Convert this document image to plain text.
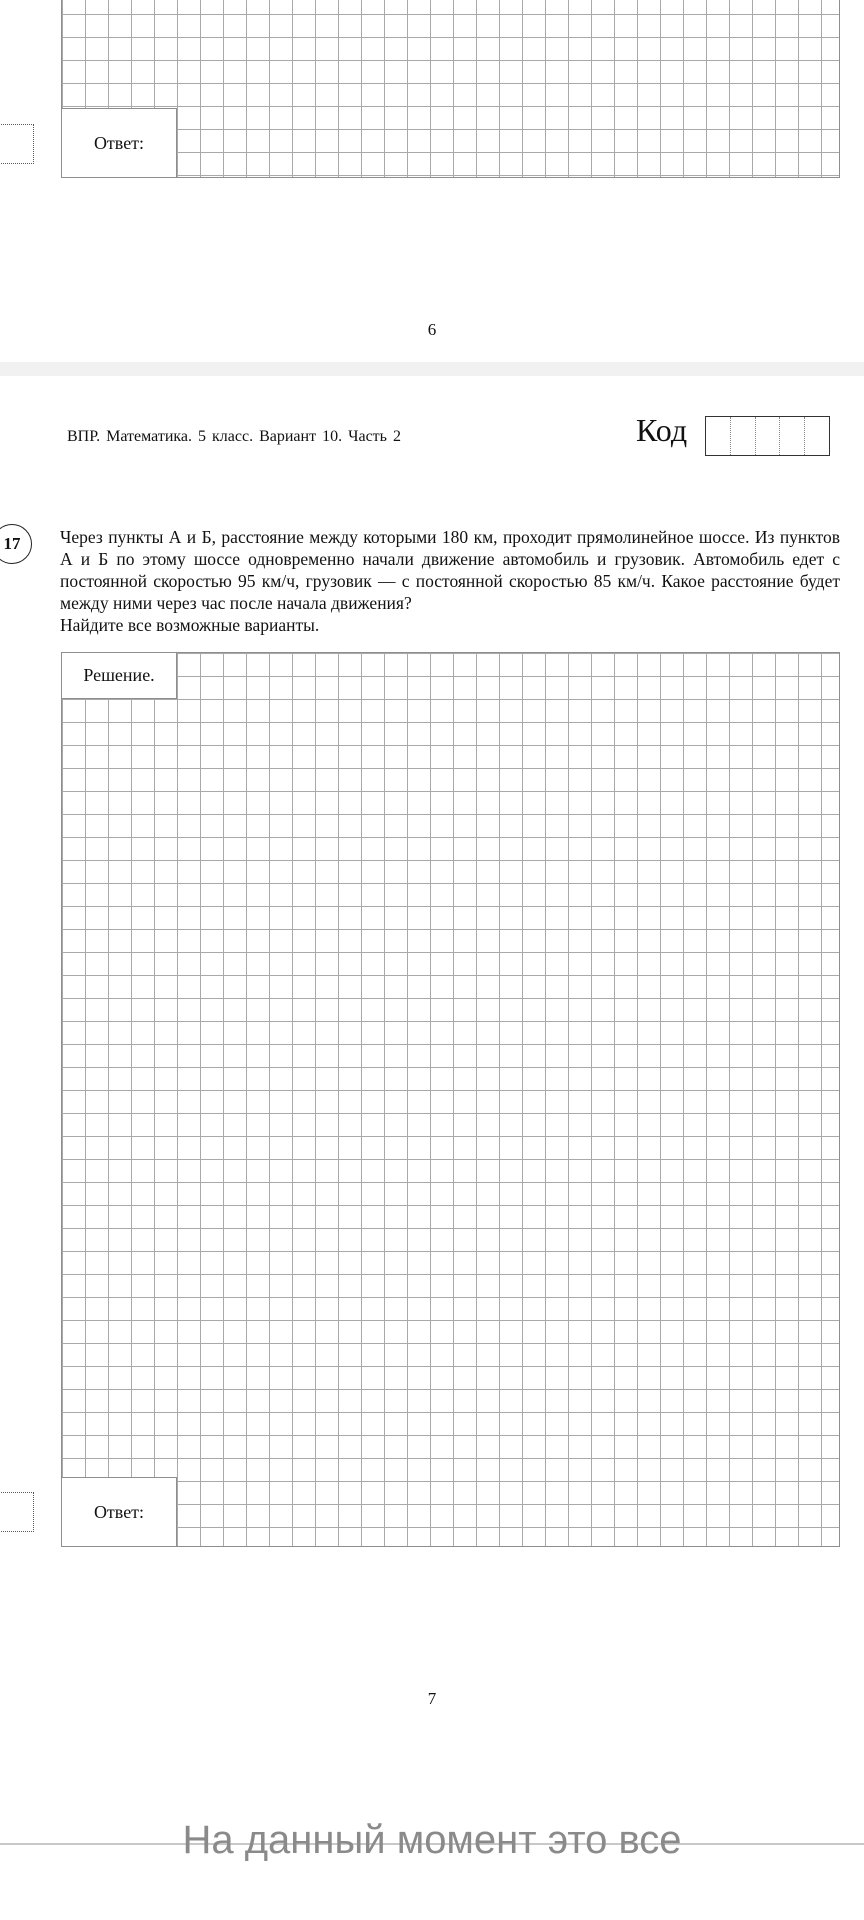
Ответ:
6
ВПР. Математика. 5 класс. Вариант 10. Часть 2	Код
17	Через пункты А и Б, расстояние между которыми 180 км, проходит прямолинейное шоссе. Из пунктов А и Б по этому шоссе одновременно начали движение автомобиль и грузовик. Автомобиль едет с постоянной скоростью 95 км/ч, грузовик — с постоянной скоростью 85 км/ч. Какое расстояние будет между ними через час после начала движения?

Найдите все возможные варианты.

Решение.
Ответ:
7
На данный момент это все
